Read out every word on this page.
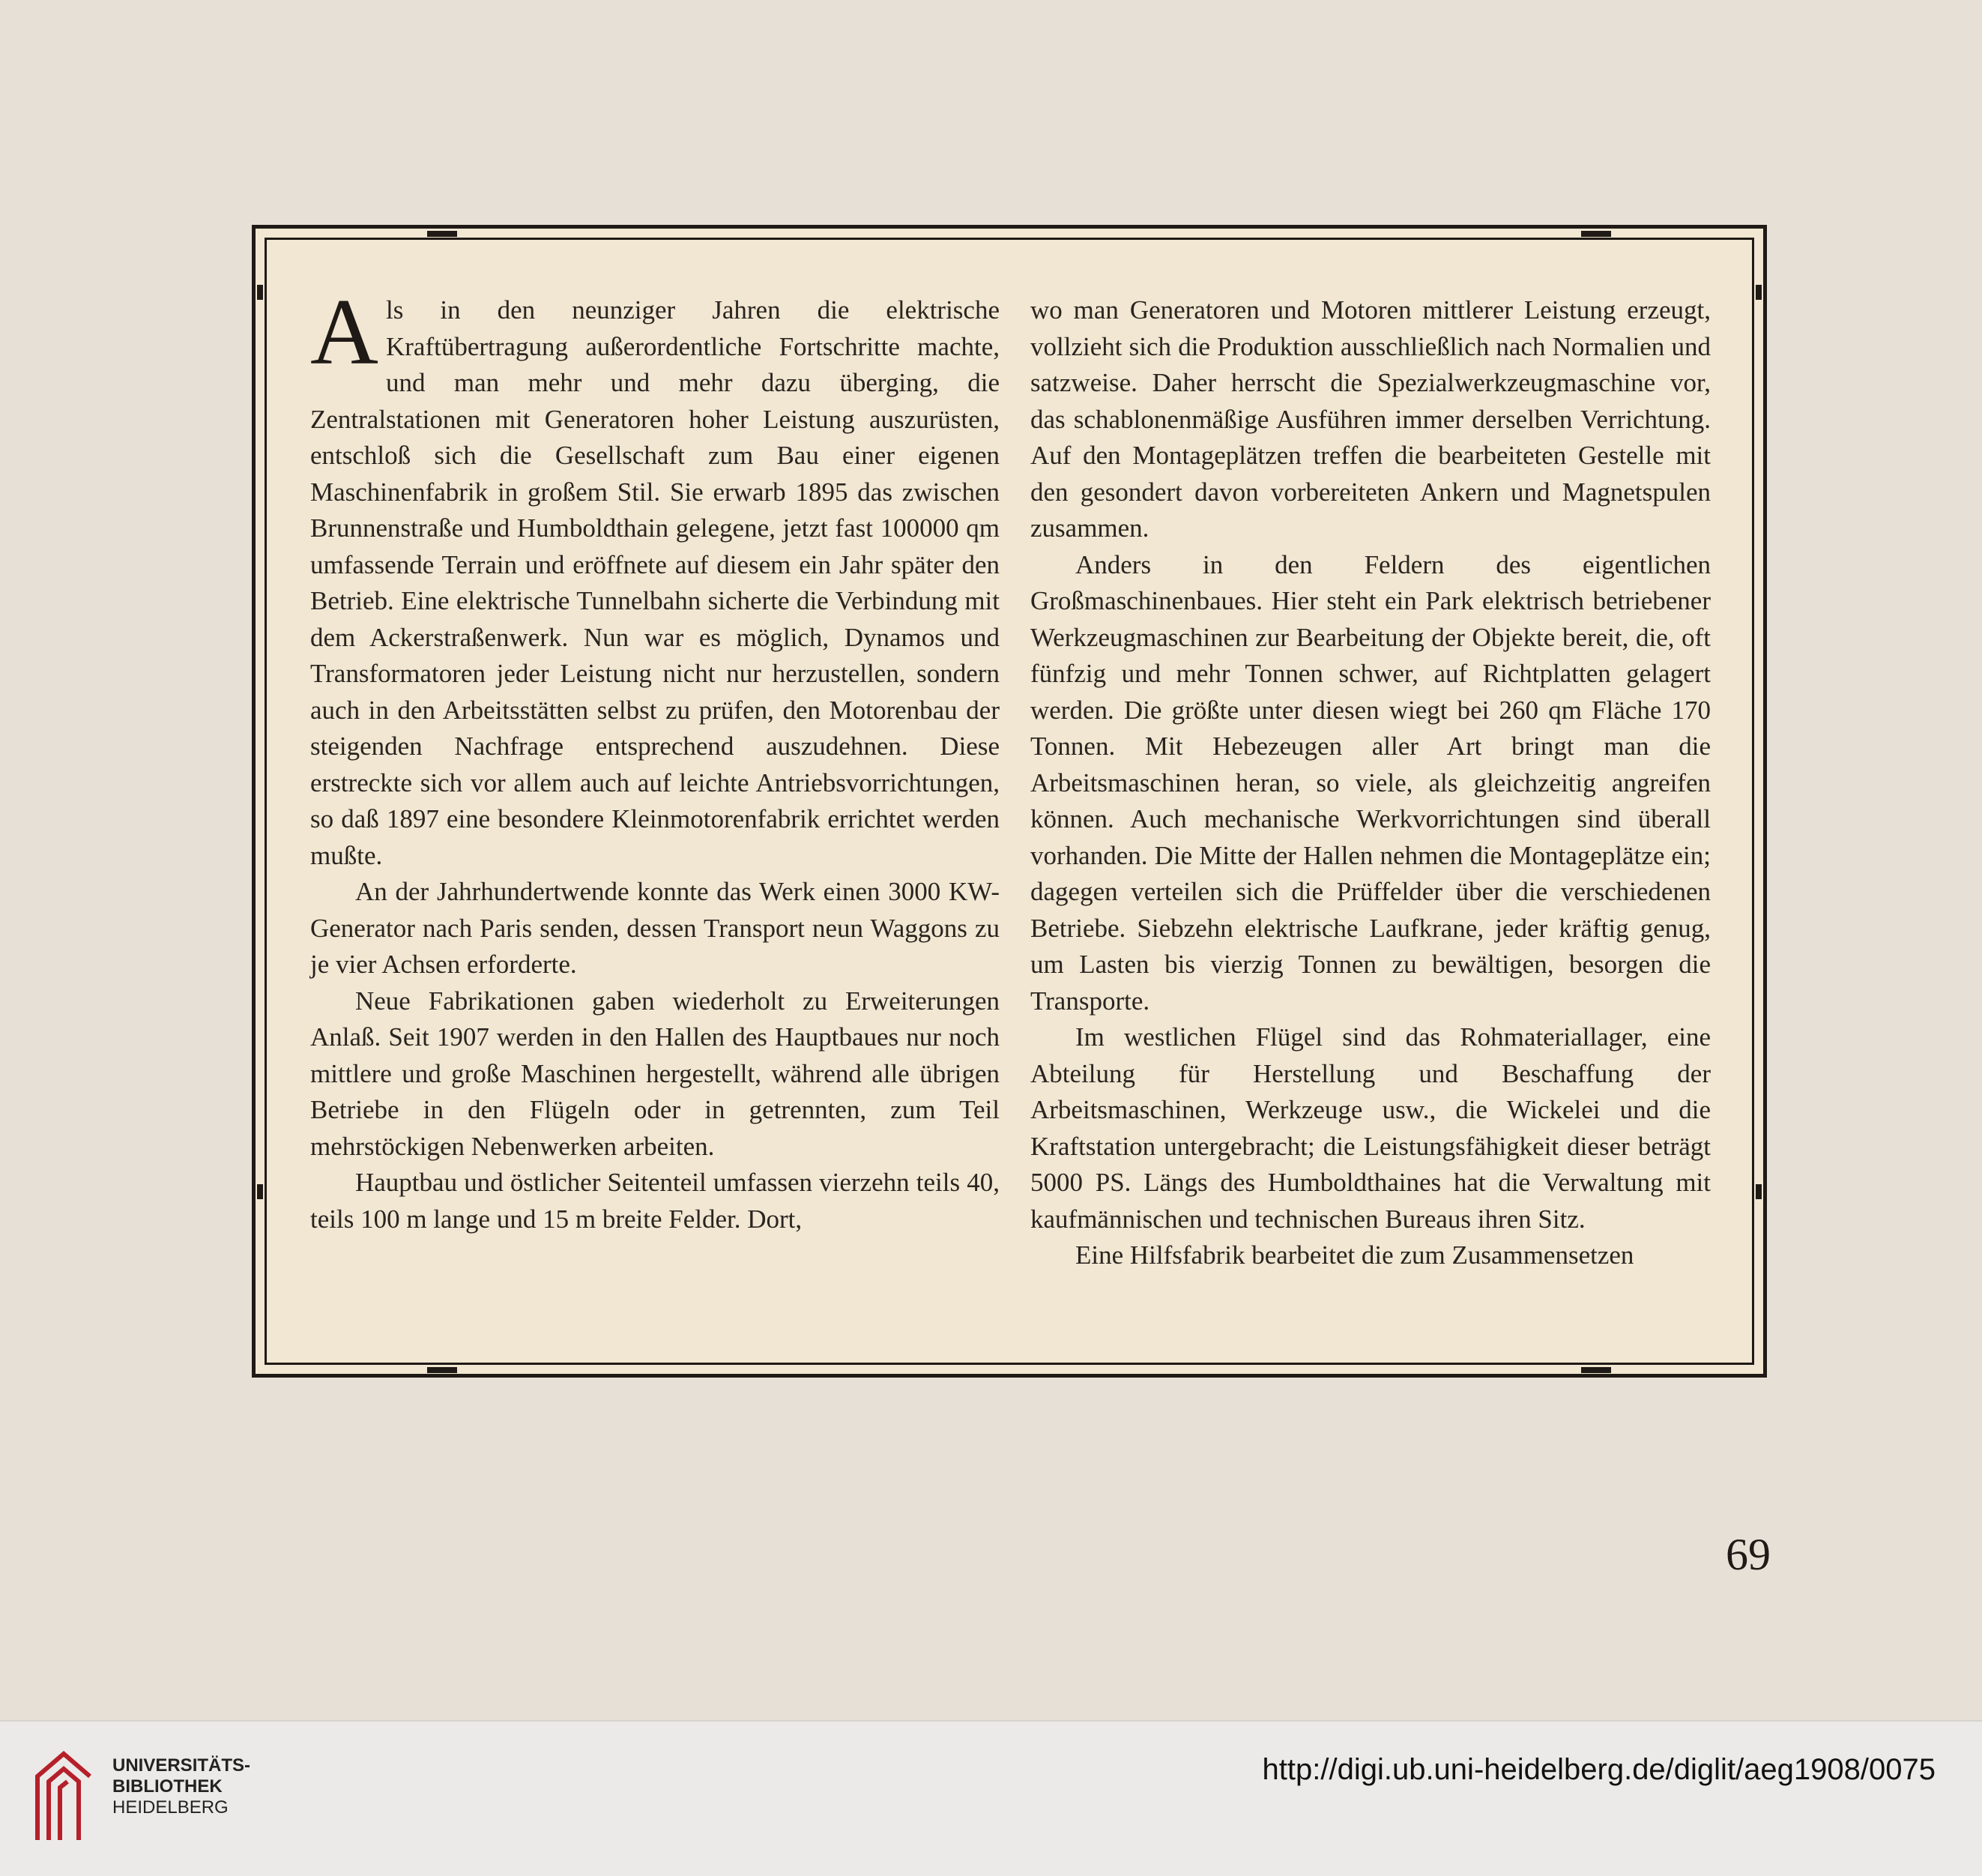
Als in den neunziger Jahren die elektrische Kraftübertragung außerordentliche Fortschritte machte, und man mehr und mehr dazu überging, die Zentralstationen mit Generatoren hoher Leistung auszurüsten, entschloß sich die Gesellschaft zum Bau einer eigenen Maschinenfabrik in großem Stil. Sie erwarb 1895 das zwischen Brunnenstraße und Humboldthain gelegene, jetzt fast 100000 qm umfassende Terrain und eröffnete auf diesem ein Jahr später den Betrieb. Eine elektrische Tunnelbahn sicherte die Verbindung mit dem Ackerstraßenwerk. Nun war es möglich, Dynamos und Transformatoren jeder Leistung nicht nur herzustellen, sondern auch in den Arbeitsstätten selbst zu prüfen, den Motorenbau der steigenden Nachfrage entsprechend auszudehnen. Diese erstreckte sich vor allem auch auf leichte Antriebsvorrichtungen, so daß 1897 eine besondere Kleinmotorenfabrik errichtet werden mußte.

An der Jahrhundertwende konnte das Werk einen 3000 KW-Generator nach Paris senden, dessen Transport neun Waggons zu je vier Achsen erforderte.

Neue Fabrikationen gaben wiederholt zu Erweiterungen Anlaß. Seit 1907 werden in den Hallen des Hauptbaues nur noch mittlere und große Maschinen hergestellt, während alle übrigen Betriebe in den Flügeln oder in getrennten, zum Teil mehrstöckigen Nebenwerken arbeiten.

Hauptbau und östlicher Seitenteil umfassen vierzehn teils 40, teils 100 m lange und 15 m breite Felder. Dort,

wo man Generatoren und Motoren mittlerer Leistung erzeugt, vollzieht sich die Produktion ausschließlich nach Normalien und satzweise. Daher herrscht die Spezialwerkzeugmaschine vor, das schablonenmäßige Ausführen immer derselben Verrichtung. Auf den Montageplätzen treffen die bearbeiteten Gestelle mit den gesondert davon vorbereiteten Ankern und Magnetspulen zusammen.

Anders in den Feldern des eigentlichen Großmaschinenbaues. Hier steht ein Park elektrisch betriebener Werkzeugmaschinen zur Bearbeitung der Objekte bereit, die, oft fünfzig und mehr Tonnen schwer, auf Richtplatten gelagert werden. Die größte unter diesen wiegt bei 260 qm Fläche 170 Tonnen. Mit Hebezeugen aller Art bringt man die Arbeitsmaschinen heran, so viele, als gleichzeitig angreifen können. Auch mechanische Werkvorrichtungen sind überall vorhanden. Die Mitte der Hallen nehmen die Montageplätze ein; dagegen verteilen sich die Prüffelder über die verschiedenen Betriebe. Siebzehn elektrische Laufkrane, jeder kräftig genug, um Lasten bis vierzig Tonnen zu bewältigen, besorgen die Transporte.

Im westlichen Flügel sind das Rohmateriallager, eine Abteilung für Herstellung und Beschaffung der Arbeitsmaschinen, Werkzeuge usw., die Wickelei und die Kraftstation untergebracht; die Leistungsfähigkeit dieser beträgt 5000 PS. Längs des Humboldthaines hat die Verwaltung mit kaufmännischen und technischen Bureaus ihren Sitz.

Eine Hilfsfabrik bearbeitet die zum Zusammensetzen

69
UNIVERSITÄTS-
BIBLIOTHEK
HEIDELBERG
http://digi.ub.uni-heidelberg.de/diglit/aeg1908/0075
